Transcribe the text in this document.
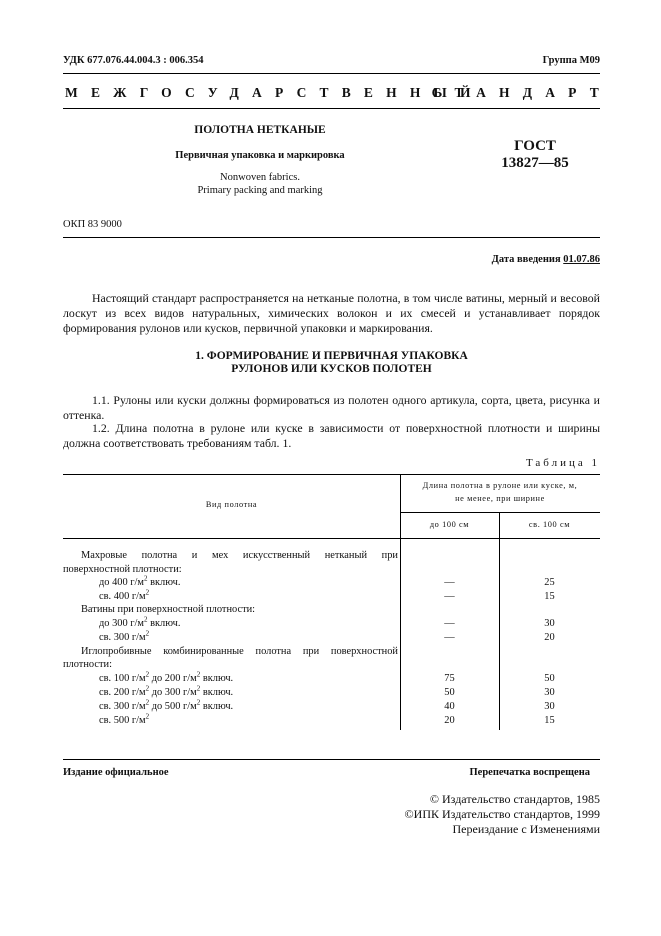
УДК 677.076.44.004.3 : 006.354	Группа М09
МЕЖГОСУДАРСТВЕННЫЙ
СТАНДАРТ
ПОЛОТНА НЕТКАНЫЕ
Первичная упаковка и маркировка
Nonwoven fabrics.
Primary packing and marking
ГОСТ
13827—85
ОКП 83 9000
Дата введения 01.07.86
Настоящий стандарт распространяется на нетканые полотна, в том числе ватины, мерный и весовой лоскут из всех видов натуральных, химических волокон и их смесей и устанавливает порядок формирования рулонов или кусков, первичной упаковки и маркирования.
1. ФОРМИРОВАНИЕ И ПЕРВИЧНАЯ УПАКОВКА
РУЛОНОВ ИЛИ КУСКОВ ПОЛОТЕН
1.1. Рулоны или куски должны формироваться из полотен одного артикула, сорта, цвета, рисунка и оттенка.
1.2. Длина полотна в рулоне или куске в зависимости от поверхностной плотности и ширины должна соответствовать требованиям табл. 1.
Таблица 1
Вид полотна
Длина полотна в рулоне или куске, м,
не менее, при ширине
до 100 см	св. 100 см
Махровые полотна и мех искусственный нетканый при
поверхностной плотности:
до 400 $г/м^2$ включ.	—	25
св. 400 $г/м^2$	—	15
Ватины при поверхностной плотности:
до 300 $г/м^2$ включ.	—	30
св. 300 $г/м^2$	—	20
Иглопробивные комбинированные полотна при поверхностной
плотности:
св. 100 $г/м^2$ до 200 $г/м^2$ включ.	75	50
св. 200 $г/м^2$ до 300 $г/м^2$ включ.	50	30
св. 300 $г/м^2$ до 500 $г/м^2$ включ.	40	30
св. 500 $г/м^2$	20	15
Издание официальное	Перепечатка воспрещена
© Издательство стандартов, 1985
©ИПК Издательство стандартов, 1999
Переиздание с Изменениями
